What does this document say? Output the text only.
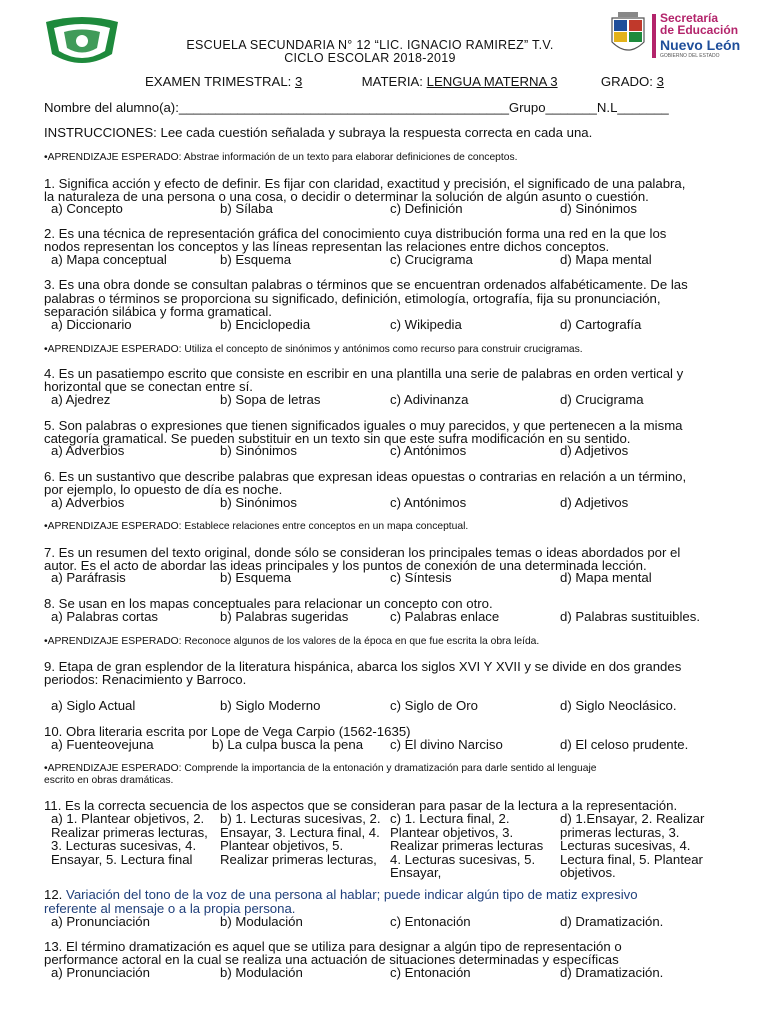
Secretaría
de Educación
Nuevo León
GOBIERNO DEL ESTADO
ESCUELA SECUNDARIA N° 12 “LIC. IGNACIO RAMIREZ” T.V.
CICLO ESCOLAR 2018-2019
EXAMEN TRIMESTRAL: 3	MATERIA: LENGUA MATERNA 3	GRADO: 3
Nombre del alumno(a):_____________________________________________Grupo_______N.L_______
INSTRUCCIONES: Lee cada cuestión señalada y subraya la respuesta correcta en cada una.
•APRENDIZAJE ESPERADO: Abstrae información de un texto para elaborar definiciones de conceptos.
1. Significa acción y efecto de definir. Es fijar con claridad, exactitud y precisión, el significado de una palabra,
la naturaleza de una persona o una cosa, o decidir o determinar la solución de algún asunto o cuestión.
a) Concepto	b) Sílaba	c) Definición	d) Sinónimos
2. Es una técnica de representación gráfica del conocimiento cuya distribución forma una red en la que los
nodos representan los conceptos y las líneas representan las relaciones entre dichos conceptos.
a) Mapa conceptual	b) Esquema	c) Crucigrama	d) Mapa mental
3. Es una obra donde se consultan palabras o términos que se encuentran ordenados alfabéticamente. De las
palabras o términos se proporciona su significado, definición, etimología, ortografía, fija su pronunciación,
separación silábica y forma gramatical.
a) Diccionario	b) Enciclopedia	c) Wikipedia	d) Cartografía
•APRENDIZAJE ESPERADO: Utiliza el concepto de sinónimos y antónimos como recurso para construir crucigramas.
4. Es un pasatiempo escrito que consiste en escribir en una plantilla una serie de palabras en orden vertical y
horizontal que se conectan entre sí.
a) Ajedrez	b) Sopa de letras	c) Adivinanza	d) Crucigrama
5. Son palabras o expresiones que tienen significados iguales o muy parecidos, y que pertenecen a la misma
categoría gramatical. Se pueden substituir en un texto sin que este sufra modificación en su sentido.
a) Adverbios	b) Sinónimos	c) Antónimos	d) Adjetivos
6. Es un sustantivo que describe palabras que expresan ideas opuestas o contrarias en relación a un término,
por ejemplo, lo opuesto de día es noche.
a) Adverbios	b) Sinónimos	c) Antónimos	d) Adjetivos
•APRENDIZAJE ESPERADO: Establece relaciones entre conceptos en un mapa conceptual.
7. Es un resumen del texto original, donde sólo se consideran los principales temas o ideas abordados por el
autor. Es el acto de abordar las ideas principales y los puntos de conexión de una determinada lección.
a) Paráfrasis	b) Esquema	c) Síntesis	d) Mapa mental
8. Se usan en los mapas conceptuales para relacionar un concepto con otro.
a) Palabras cortas	b) Palabras sugeridas	c) Palabras enlace	d) Palabras sustituibles.
•APRENDIZAJE ESPERADO: Reconoce algunos de los valores de la época en que fue escrita la obra leída.
9. Etapa de gran esplendor de la literatura hispánica, abarca los siglos XVI Y XVII y se divide en dos grandes
periodos: Renacimiento y Barroco.
a) Siglo Actual	b) Siglo Moderno	c) Siglo de Oro	d) Siglo Neoclásico.
10. Obra literaria escrita por Lope de Vega Carpio (1562-1635)
a) Fuenteovejuna	b) La culpa busca la pena c) El divino Narciso	d) El celoso prudente.
•APRENDIZAJE ESPERADO: Comprende la importancia de la entonación y dramatización para darle sentido al lenguaje
escrito en obras dramáticas.
11. Es la correcta secuencia de los aspectos que se consideran para pasar de la lectura a la representación.
a) 1. Plantear objetivos, 2. Realizar primeras lecturas, 3. Lecturas sucesivas, 4. Ensayar, 5. Lectura final
b) 1. Lecturas sucesivas, 2. Ensayar, 3. Lectura final, 4. Plantear objetivos, 5. Realizar primeras lecturas,
c) 1. Lectura final, 2. Plantear objetivos, 3. Realizar primeras lecturas 4. Lecturas sucesivas, 5. Ensayar,
d) 1.Ensayar, 2. Realizar primeras lecturas, 3. Lecturas sucesivas, 4. Lectura final, 5. Plantear objetivos.
12. Variación del tono de la voz de una persona al hablar; puede indicar algún tipo de matiz expresivo
referente al mensaje o a la propia persona.
a) Pronunciación	b) Modulación	c) Entonación	d) Dramatización.
13. El término dramatización es aquel que se utiliza para designar a algún tipo de representación o
performance actoral en la cual se realiza una actuación de situaciones determinadas y específicas
a) Pronunciación	b) Modulación	c) Entonación	d) Dramatización.
